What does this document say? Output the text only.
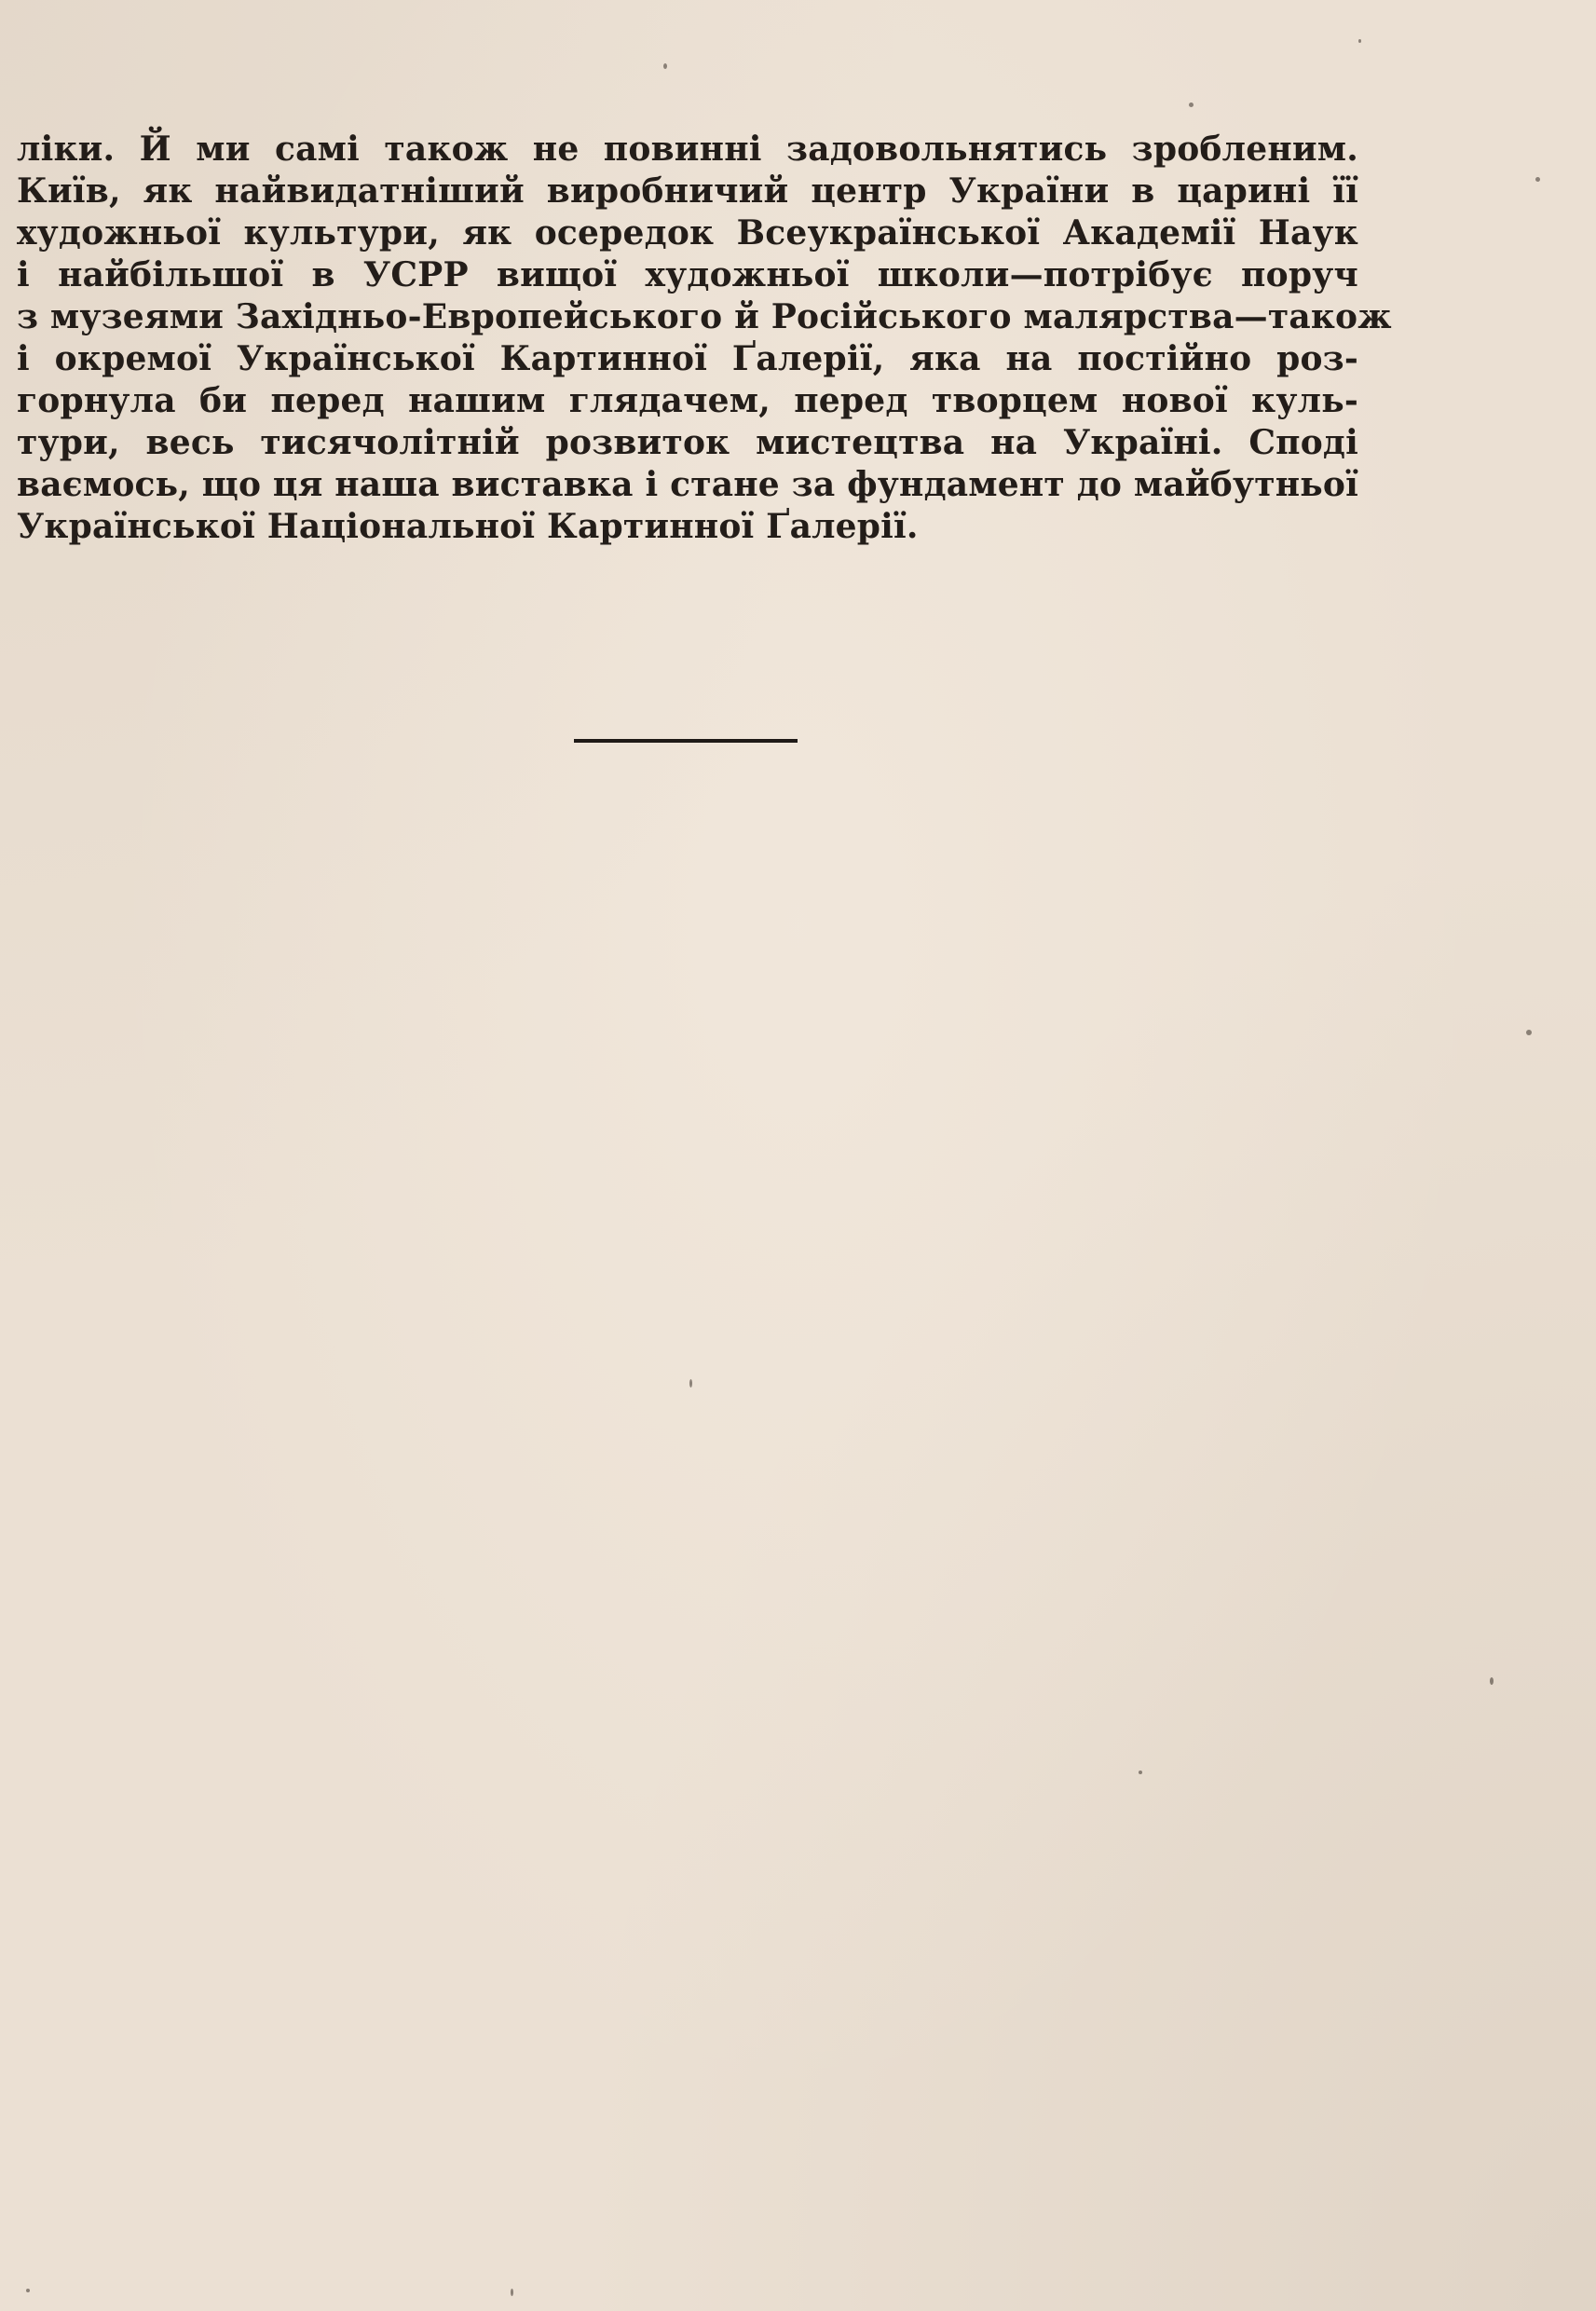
ліки. Й ми самі також не повинні задовольнятись зробленим.
Київ, як найвидатніший виробничий центр України в царині її
художньої культури, як осередок Всеукраїнської Академії Наук
і найбільшої в УСРР вищої художньої школи—потрібує поруч
з музеями Західньо-Европейського й Російського малярства—також
і окремої Української Картинної Ґалерії, яка на постійно роз-
горнула би перед нашим глядачем, перед творцем нової куль-
тури, весь тисячолітній розвиток мистецтва на Україні. Споді
ваємось, що ця наша виставка і стане за фундамент до майбутньої
Української Національної Картинної Ґалерії.
